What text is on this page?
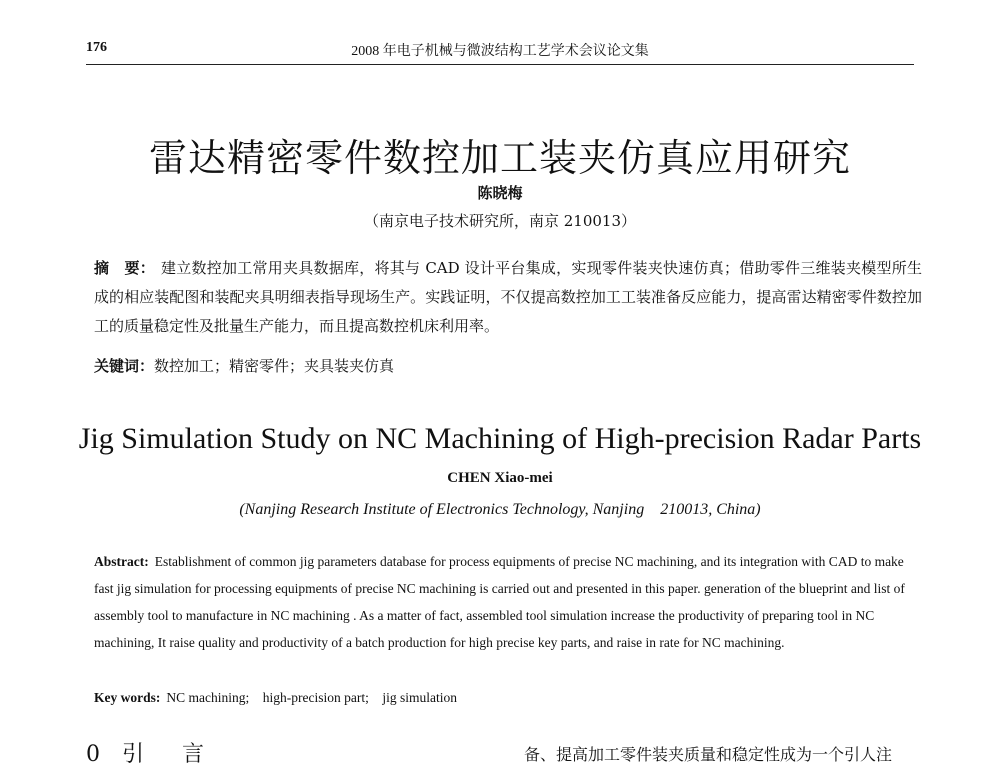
176	2008 年电子机械与微波结构工艺学术会议论文集
雷达精密零件数控加工装夹仿真应用研究
陈晓梅
（南京电子技术研究所，南京 210013）
摘　要： 建立数控加工常用夹具数据库，将其与 CAD 设计平台集成，实现零件装夹快速仿真；借助零件三维装夹模型所生成的相应装配图和装配夹具明细表指导现场生产。实践证明，不仅提高数控加工工装准备反应能力，提高雷达精密零件数控加工的质量稳定性及批量生产能力，而且提高数控机床利用率。
关键词：数控加工；精密零件；夹具装夹仿真
Jig Simulation Study on NC Machining of High-precision Radar Parts
CHEN Xiao-mei
(Nanjing Research Institute of Electronics Technology, Nanjing　210013, China)
Abstract: Establishment of common jig parameters database for process equipments of precise NC machining, and its integration with CAD to make fast jig simulation for processing equipments of precise NC machining is carried out and presented in this paper. generation of the blueprint and list of assembly tool to manufacture in NC machining . As a matter of fact, assembled tool simulation increase the productivity of preparing tool in NC machining, It raise quality and productivity of a batch production for high precise key parts, and raise in rate for NC machining.
Key words: NC machining;　high-precision part;　jig simulation
0 引　言	备、提高加工零件装夹质量和稳定性成为一个引人注
